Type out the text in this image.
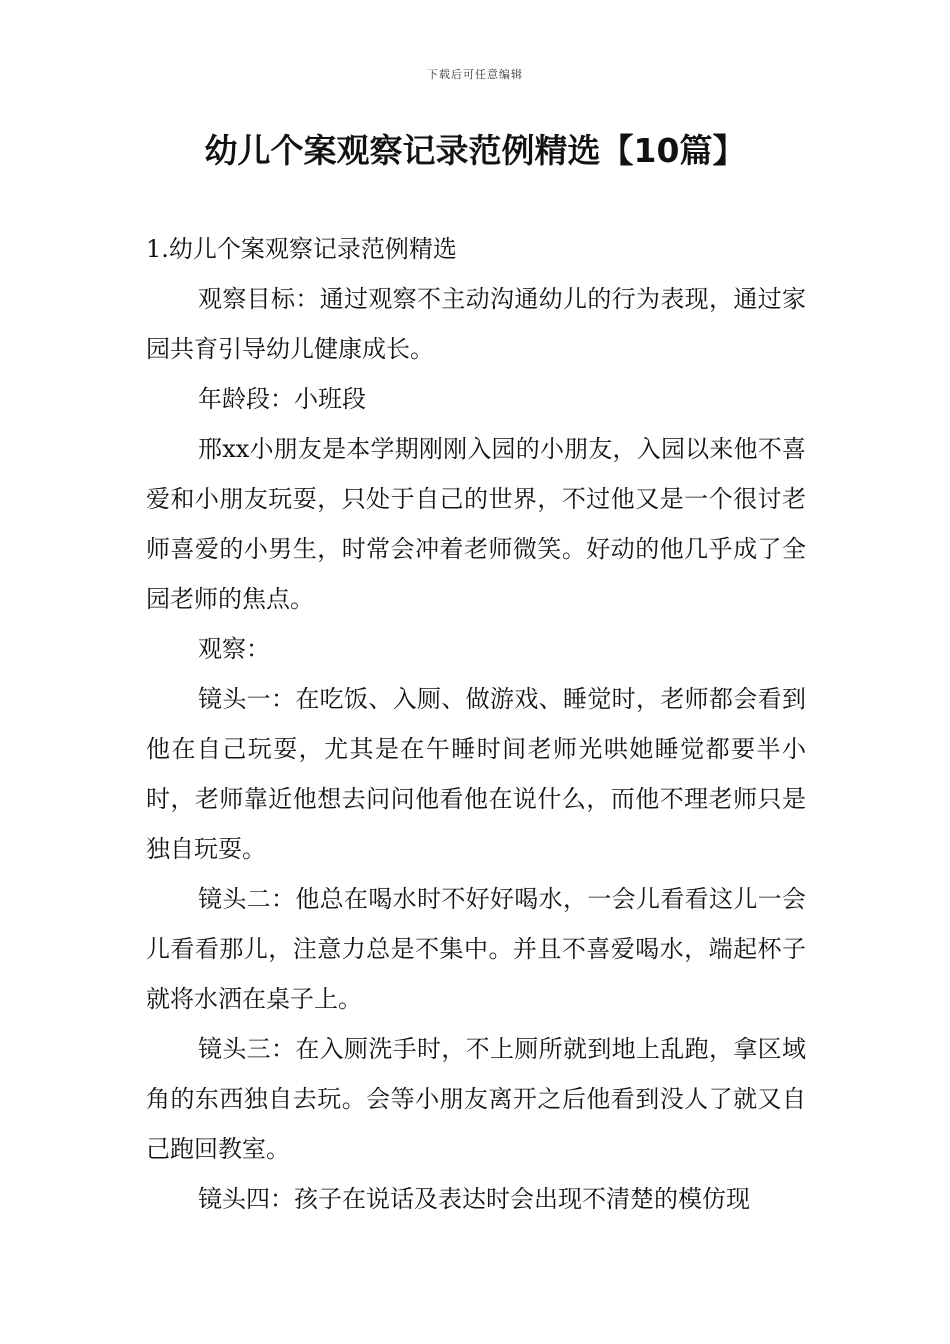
下载后可任意编辑
幼儿个案观察记录范例精选【10篇】

1.幼儿个案观察记录范例精选

观察目标：通过观察不主动沟通幼儿的行为表现，通过家园共育引导幼儿健康成长。

年龄段：小班段

邢xx小朋友是本学期刚刚入园的小朋友，入园以来他不喜爱和小朋友玩耍，只处于自己的世界，不过他又是一个很讨老师喜爱的小男生，时常会冲着老师微笑。好动的他几乎成了全园老师的焦点。

观察：

镜头一：在吃饭、入厕、做游戏、睡觉时，老师都会看到他在自己玩耍，尤其是在午睡时间老师光哄她睡觉都要半小时，老师靠近他想去问问他看他在说什么，而他不理老师只是独自玩耍。

镜头二：他总在喝水时不好好喝水，一会儿看看这儿一会儿看看那儿，注意力总是不集中。并且不喜爱喝水，端起杯子就将水洒在桌子上。

镜头三：在入厕洗手时，不上厕所就到地上乱跑，拿区域角的东西独自去玩。会等小朋友离开之后他看到没人了就又自己跑回教室。

镜头四：孩子在说话及表达时会出现不清楚的模仿现
